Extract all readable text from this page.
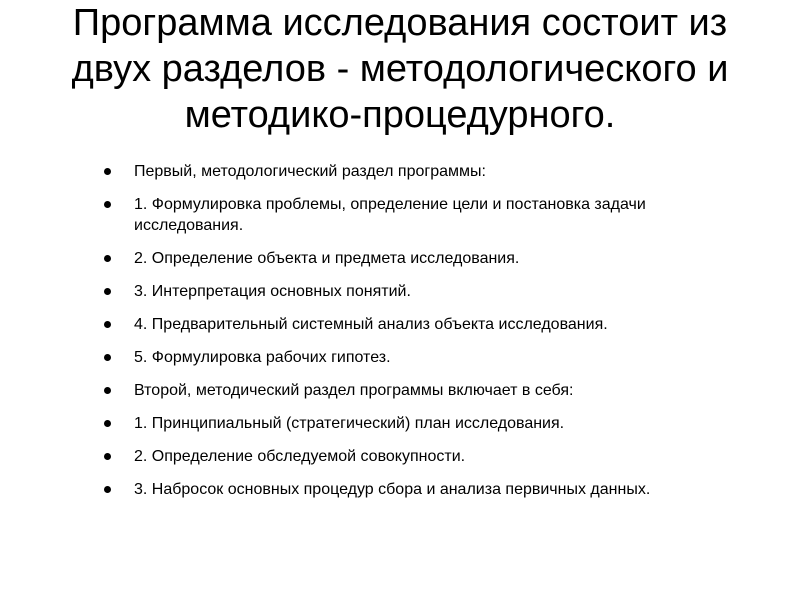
Программа исследования состоит из двух разделов - методологического и методико-процедурного.
Первый, методологический раздел программы:
1. Формулировка проблемы, определение цели и постановка задачи исследования.
2. Определение объекта и предмета исследования.
3. Интерпретация основных понятий.
4. Предварительный системный анализ объекта исследования.
5. Формулировка рабочих гипотез.
Второй, методический раздел программы включает в себя:
1. Принципиальный (стратегический) план исследования.
2. Определение обследуемой совокупности.
3. Набросок основных процедур сбора и анализа первичных данных.
